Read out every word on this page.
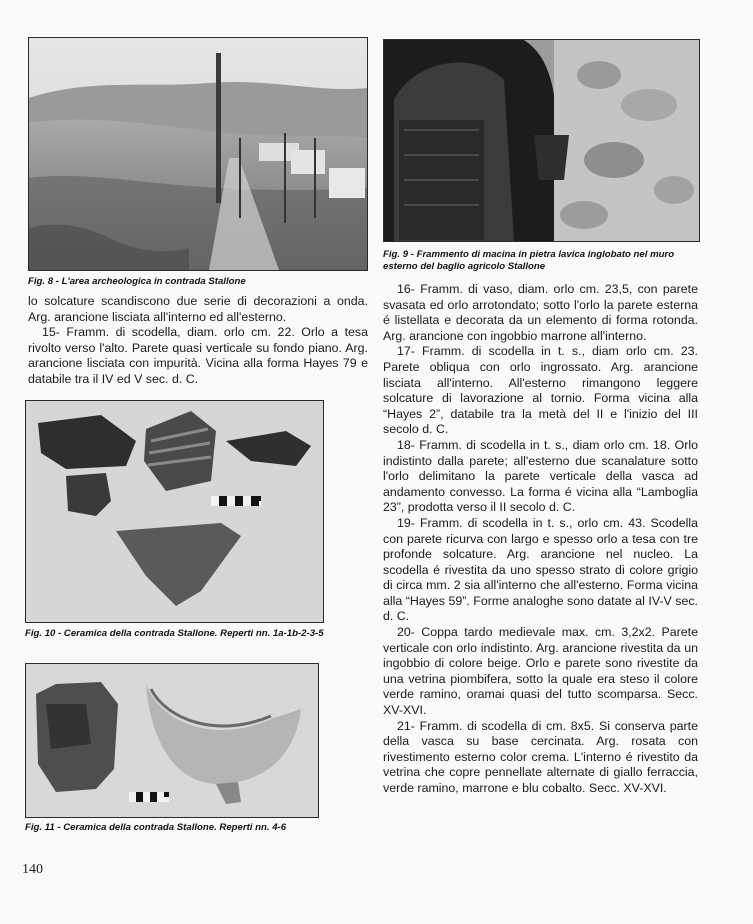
Fig. 8 - L'area archeologica in contrada Stallone

lo solcature scandiscono due serie di decorazioni a onda. Arg. arancione lisciata all'interno ed all'esterno.

15- Framm. di scodella, diam. orlo cm. 22. Orlo a tesa rivolto verso l'alto. Parete quasi verticale su fondo piano. Arg. arancione lisciata con impurità. Vicina alla forma Hayes 79 e databile tra il IV ed V sec. d. C.

Fig. 10 - Ceramica della contrada Stallone. Reperti nn. 1a-1b-2-3-5
Fig. 11 - Ceramica della contrada Stallone. Reperti nn. 4-6
Fig. 9 - Frammento di macina in pietra lavica inglobato nel muro esterno del baglio agricolo Stallone

16- Framm. di vaso, diam. orlo cm. 23,5, con parete svasata ed orlo arrotondato; sotto l'orlo la parete esterna é listellata e decorata da un elemento di forma rotonda. Arg. arancione con ingobbio marrone all'interno.

17- Framm. di scodella in t. s., diam orlo cm. 23. Parete obliqua con orlo ingrossato. Arg. arancione lisciata all'interno. All'esterno rimangono leggere solcature di lavorazione al tornio. Forma vicina alla “Hayes 2”, databile tra la metà del II e l'inizio del III secolo d. C.

18- Framm. di scodella in t. s., diam orlo cm. 18. Orlo indistinto dalla parete; all'esterno due scanalature sotto l'orlo delimitano la parete verticale della vasca ad andamento convesso. La forma é vicina alla “Lamboglia 23”, prodotta verso il II secolo d. C.

19- Framm. di scodella in t. s., orlo cm. 43. Scodella con parete ricurva con largo e spesso orlo a tesa con tre profonde solcature. Arg. arancione nel nucleo. La scodella é rivestita da uno spesso strato di colore grigio di circa mm. 2 sia all'interno che all'esterno. Forma vicina alla “Hayes 59”. Forme analoghe sono datate al IV-V sec. d. C.

20- Coppa tardo medievale max. cm. 3,2x2. Parete verticale con orlo indistinto. Arg. arancione rivestita da un ingobbio di colore beige. Orlo e parete sono rivestite da una vetrina piombifera, sotto la quale era steso il colore verde ramino, oramai quasi del tutto scomparsa. Secc. XV-XVI.

21- Framm. di scodella di cm. 8x5. Si conserva parte della vasca su base cercinata. Arg. rosata con rivestimento esterno color crema. L'interno é rivestito da vetrina che copre pennellate alternate di giallo ferraccia, verde ramino, marrone e blu cobalto. Secc. XV-XVI.

140
